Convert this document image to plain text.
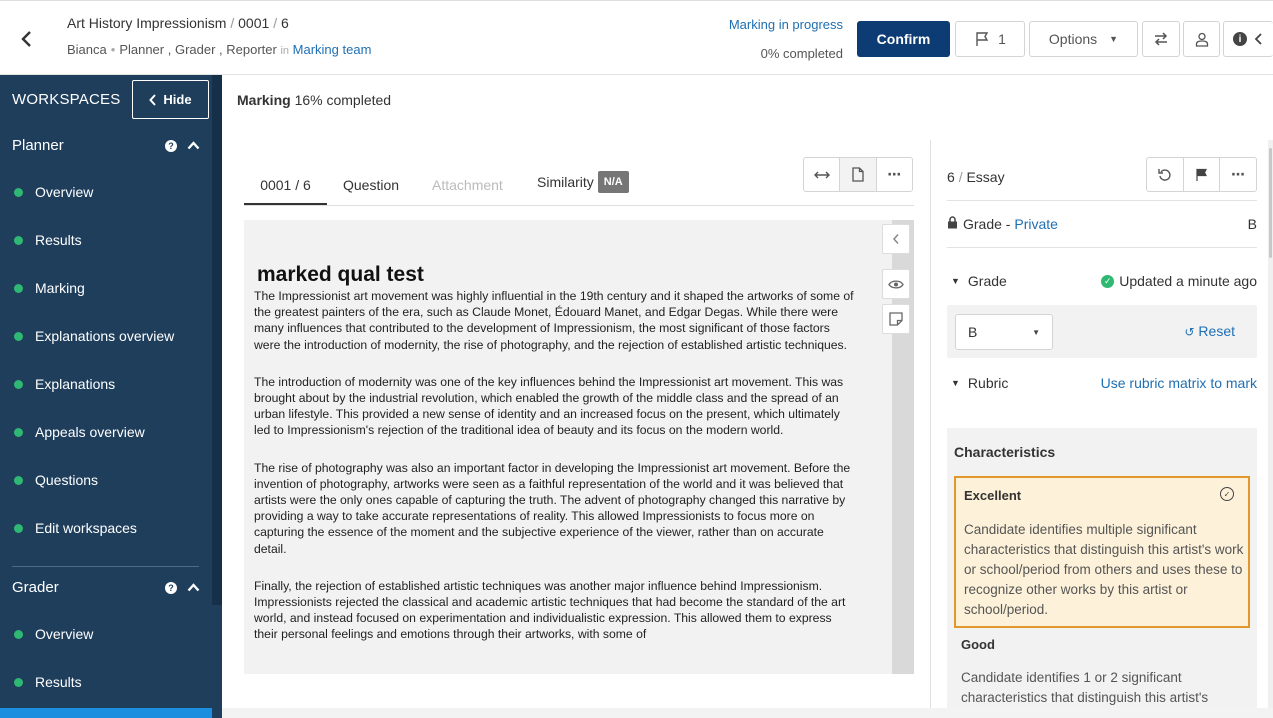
Art History Impressionism / 0001 / 6
Bianca • Planner , Grader , Reporter in Marking team
Marking in progress
0% completed
Confirm	1	Options ▼	i
WORKSPACES	Hide
Planner	?
Overview
Results
Marking
Explanations overview
Explanations
Appeals overview
Questions
Edit workspaces
Grader	?
Overview
Results
Marking 16% completed
0001 / 6	Question Attachment Similarity N/A	⋯
marked qual test

The Impressionist art movement was highly influential in the 19th century and it shaped the artworks of some of the greatest painters of the era, such as Claude Monet, Édouard Manet, and Edgar Degas. While there were many influences that contributed to the development of Impressionism, the most significant of those factors were the introduction of modernity, the rise of photography, and the rejection of established artistic techniques.

The introduction of modernity was one of the key influences behind the Impressionist art movement. This was brought about by the industrial revolution, which enabled the growth of the middle class and the spread of an urban lifestyle. This provided a new sense of identity and an increased focus on the present, which ultimately led to Impressionism's rejection of the traditional idea of beauty and its focus on the modern world.

The rise of photography was also an important factor in developing the Impressionist art movement. Before the invention of photography, artworks were seen as a faithful representation of the world and it was believed that artists were the only ones capable of capturing the truth. The advent of photography changed this narrative by providing a way to take accurate representations of reality. This allowed Impressionists to focus more on capturing the essence of the moment and the subjective experience of the viewer, rather than on accurate detail.

Finally, the rejection of established artistic techniques was another major influence behind Impressionism. Impressionists rejected the classical and academic artistic techniques that had become the standard of the art world, and instead focused on experimentation and individualistic expression. This allowed them to express their personal feelings and emotions through their artworks, with some of

6 / Essay	⋯
Grade -
Private	B
▼ Grade	✓ Updated a minute ago
B	▼	↺ Reset
▼ Rubric	Use rubric matrix to mark
Characteristics
Excellent	✓
Candidate identifies multiple significant characteristics that distinguish this artist's work or school/period from others and uses these to recognize other works by this artist or school/period.
Good
Candidate identifies 1 or 2 significant characteristics that distinguish this artist's
